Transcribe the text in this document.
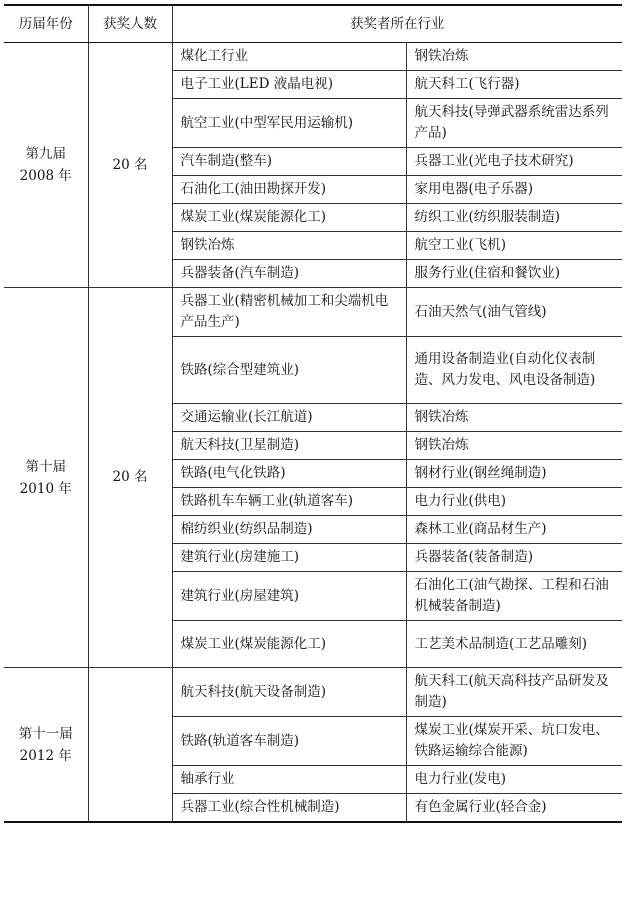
历届年份	获奖人数	获奖者所在行业	

第九届
2008 年	20 名	煤化工行业	钢铁冶炼
		电子工业(LED 液晶电视)	航天科工(飞行器)
		航空工业(中型军民用运输机)	航天科技(导弹武器系统雷达系列产品)
		汽车制造(整车)	兵器工业(光电子技术研究)
		石油化工(油田勘探开发)	家用电器(电子乐器)
		煤炭工业(煤炭能源化工)	纺织工业(纺织服装制造)
		钢铁冶炼	航空工业(飞机)
		兵器装备(汽车制造)	服务行业(住宿和餐饮业)

第十届
2010 年	20 名	兵器工业(精密机械加工和尖端机电产品生产)	石油天然气(油气管线)
		铁路(综合型建筑业)	通用设备制造业(自动化仪表制造、风力发电、风电设备制造)
		交通运输业(长江航道)	钢铁冶炼
		航天科技(卫星制造)	钢铁冶炼
		铁路(电气化铁路)	钢材行业(钢丝绳制造)
		铁路机车车辆工业(轨道客车)	电力行业(供电)
		棉纺织业(纺织品制造)	森林工业(商品材生产)
		建筑行业(房建施工)	兵器装备(装备制造)
		建筑行业(房屋建筑)	石油化工(油气勘探、工程和石油机械装备制造)
		煤炭工业(煤炭能源化工)	工艺美术品制造(工艺品雕刻)

第十一届
2012 年		航天科技(航天设备制造)	航天科工(航天高科技产品研发及制造)
		铁路(轨道客车制造)	煤炭工业(煤炭开采、坑口发电、铁路运输综合能源)
		轴承行业	电力行业(发电)
		兵器工业(综合性机械制造)	有色金属行业(轻合金)
